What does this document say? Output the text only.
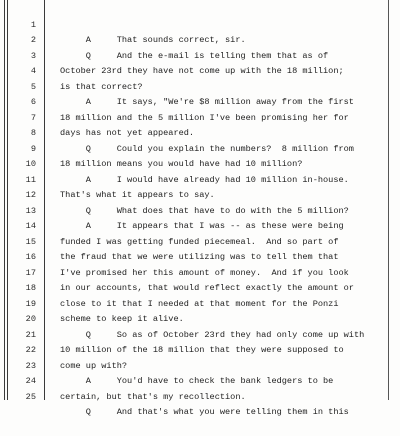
1

A     That sounds correct, sir.

2

Q     And the e-mail is telling them that as of

3

October 23rd they have not come up with the 18 million;

4

is that correct?

5

A     It says, "We're $8 million away from the first

6

18 million and the 5 million I've been promising her for

7

days has not yet appeared.

8

Q     Could you explain the numbers?  8 million from

9

18 million means you would have had 10 million?

10

A     I would have already had 10 million in-house.

11

That's what it appears to say.

12

Q     What does that have to do with the 5 million?

13

A     It appears that I was -- as these were being

14

funded I was getting funded piecemeal.  And so part of

15

the fraud that we were utilizing was to tell them that

16

I've promised her this amount of money.  And if you look

17

in our accounts, that would reflect exactly the amount or

18

close to it that I needed at that moment for the Ponzi

19

scheme to keep it alive.

20

Q     So as of October 23rd they had only come up with

21

10 million of the 18 million that they were supposed to

22

come up with?

23

A     You'd have to check the bank ledgers to be

24

certain, but that's my recollection.

25

Q     And that's what you were telling them in this
